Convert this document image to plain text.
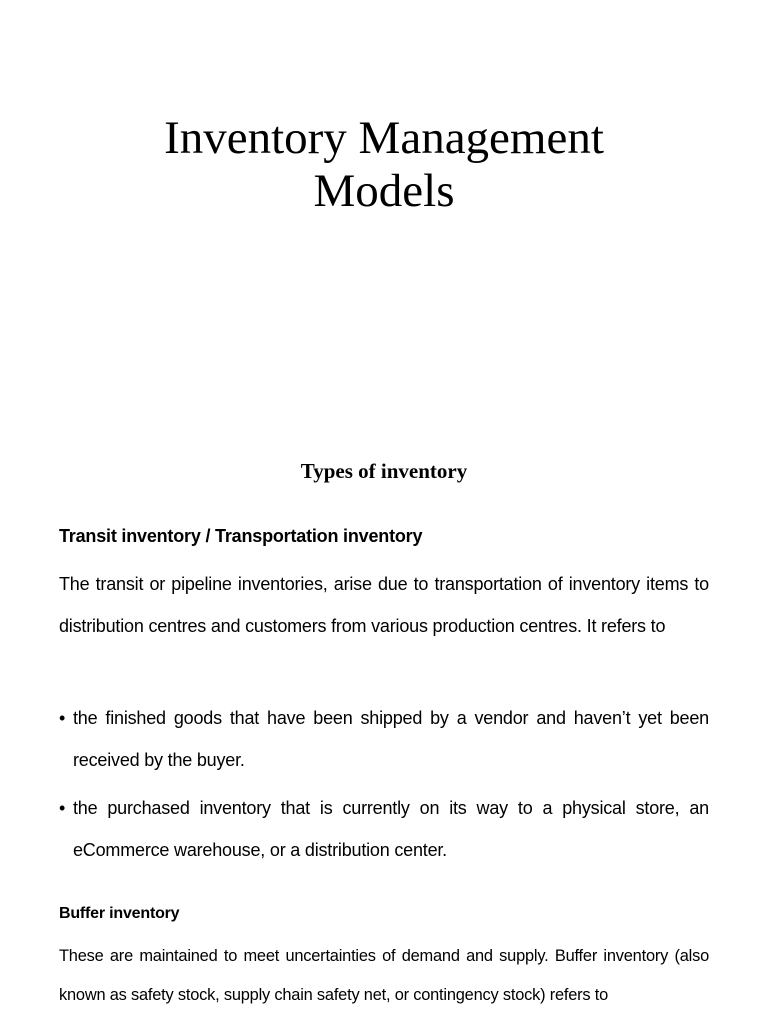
Inventory Management
Models
Types of inventory

Transit inventory / Transportation inventory

The transit or pipeline inventories, arise due to transportation of inventory items to distribution centres and customers from various production centres. It refers to

• the finished goods that have been shipped by a vendor and haven’t yet been received by the buyer.
• the purchased inventory that is currently on its way to a physical store, an eCommerce warehouse, or a distribution center.

Buffer inventory

These are maintained to meet uncertainties of demand and supply. Buffer inventory (also known as safety stock, supply chain safety net, or contingency stock) refers to
